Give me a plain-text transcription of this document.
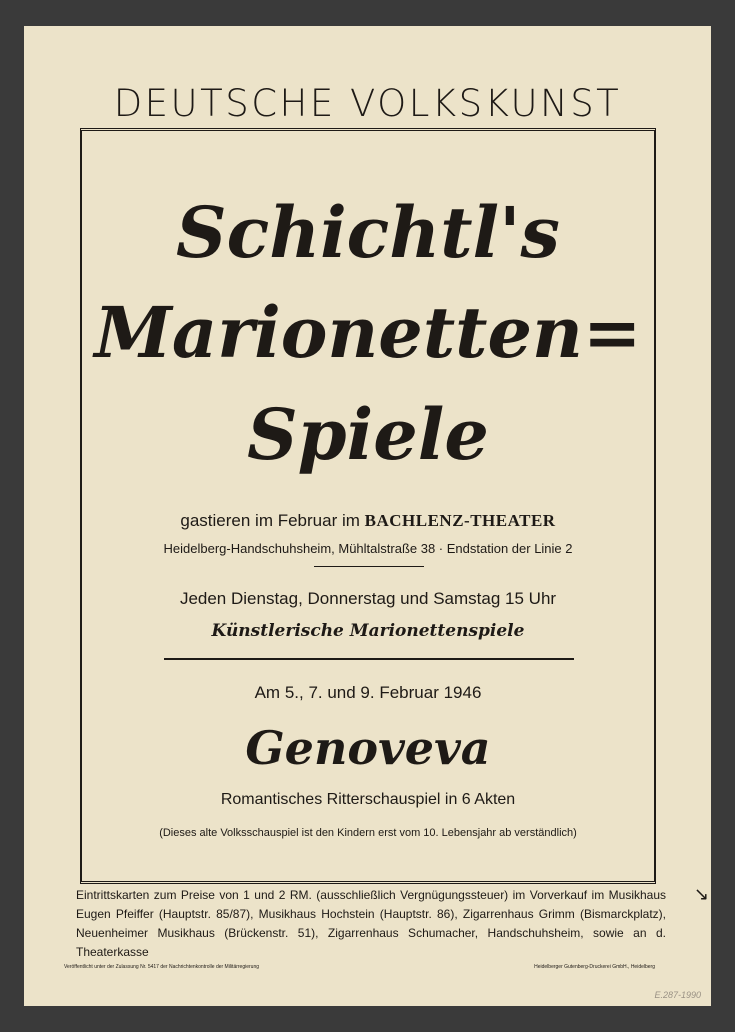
DEUTSCHE VOLKSKUNST
Schichtl's
Marionetten=
Spiele
gastieren im Februar im BACHLENZ-THEATER
Heidelberg-Handschuhsheim, Mühltalstraße 38 · Endstation der Linie 2
Jeden Dienstag, Donnerstag und Samstag 15 Uhr
Künstlerische Marionettenspiele
Am 5., 7. und 9. Februar 1946
Genoveva
Romantisches Ritterschauspiel in 6 Akten
(Dieses alte Volksschauspiel ist den Kindern erst vom 10. Lebensjahr ab verständlich)
Eintrittskarten zum Preise von 1 und 2 RM. (ausschließlich Vergnügungssteuer) im Vorverkauf im Musikhaus Eugen Pfeiffer (Hauptstr. 85/87), Musikhaus Hochstein (Hauptstr. 86), Zigarrenhaus Grimm (Bismarckplatz), Neuenheimer Musikhaus (Brückenstr. 51), Zigarrenhaus Schumacher, Handschuhsheim, sowie an d. Theaterkasse
Veröffentlicht unter der Zulassung Nr. 5417 der Nachrichtenkontrolle der Militärregierung	Heidelberger Gutenberg-Druckerei GmbH., Heidelberg
E.287-1990
↘
